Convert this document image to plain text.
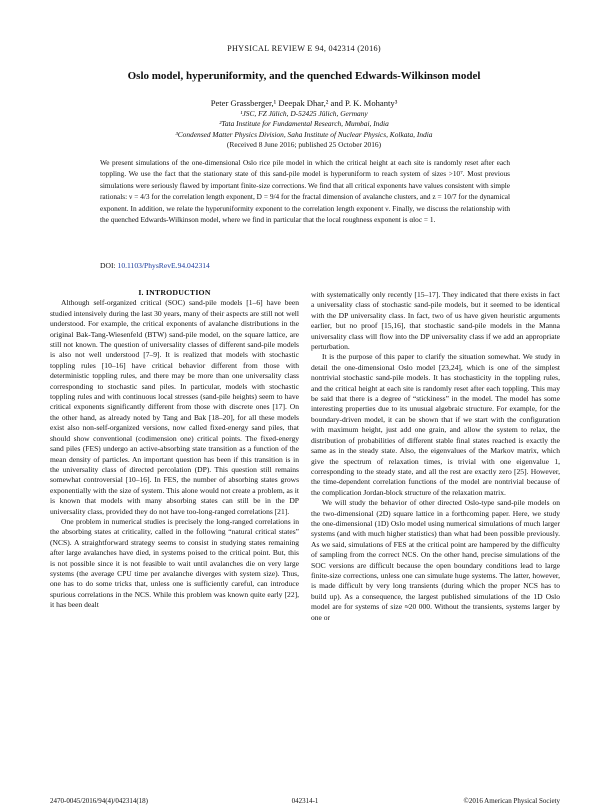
PHYSICAL REVIEW E 94, 042314 (2016)
Oslo model, hyperuniformity, and the quenched Edwards-Wilkinson model
Peter Grassberger,¹ Deepak Dhar,² and P. K. Mohanty³
¹JSC, FZ Jülich, D-52425 Jülich, Germany
²Tata Institute for Fundamental Research, Mumbai, India
³Condensed Matter Physics Division, Saha Institute of Nuclear Physics, Kolkata, India
(Received 8 June 2016; published 25 October 2016)
We present simulations of the one-dimensional Oslo rice pile model in which the critical height at each site is randomly reset after each toppling. We use the fact that the stationary state of this sand-pile model is hyperuniform to reach system of sizes >10⁷. Most previous simulations were seriously flawed by important finite-size corrections. We find that all critical exponents have values consistent with simple rationals: ν = 4/3 for the correlation length exponent, D = 9/4 for the fractal dimension of avalanche clusters, and z = 10/7 for the dynamical exponent. In addition, we relate the hyperuniformity exponent to the correlation length exponent ν. Finally, we discuss the relationship with the quenched Edwards-Wilkinson model, where we find in particular that the local roughness exponent is αloc = 1.
DOI: 10.1103/PhysRevE.94.042314

I. INTRODUCTION

Although self-organized critical (SOC) sand-pile models [1–6] have been studied intensively during the last 30 years, many of their aspects are still not well understood. For example, the critical exponents of avalanche distributions in the original Bak-Tang-Wiesenfeld (BTW) sand-pile model, on the square lattice, are still not known. The question of universality classes of different sand-pile models is also not well understood [7–9]. It is realized that models with stochastic toppling rules [10–16] have critical behavior different from those with deterministic toppling rules, and there may be more than one universality class corresponding to stochastic sand piles. In particular, models with stochastic toppling rules and with continuous local stresses (sand-pile heights) seem to have critical exponents significantly different from those with discrete ones [17]. On the other hand, as already noted by Tang and Bak [18–20], for all these models exist also non-self-organized versions, now called fixed-energy sand piles, that should show conventional (codimension one) critical points. The fixed-energy sand piles (FES) undergo an active-absorbing state transition as a function of the mean density of particles. An important question has been if this transition is in the universality class of directed percolation (DP). This question still remains somewhat controversial [10–16]. In FES, the number of absorbing states grows exponentially with the size of system. This alone would not create a problem, as it is known that models with many absorbing states can still be in the DP universality class, provided they do not have too-long-ranged correlations [21].

One problem in numerical studies is precisely the long-ranged correlations in the absorbing states at criticality, called in the following “natural critical states” (NCS). A straightforward strategy seems to consist in studying states remaining after large avalanches have died, in systems poised to the critical point. But, this is not possible since it is not feasible to wait until avalanches die on very large systems (the average CPU time per avalanche diverges with system size). Thus, one has to do some tricks that, unless one is sufficiently careful, can introduce spurious correlations in the NCS. While this problem was known quite early [22], it has been dealt

with systematically only recently [15–17]. They indicated that there exists in fact a universality class of stochastic sand-pile models, but it seemed to be identical with the DP universality class. In fact, two of us have given heuristic arguments earlier, but no proof [15,16], that stochastic sand-pile models in the Manna universality class will flow into the DP universality class if we add an appropriate perturbation.

It is the purpose of this paper to clarify the situation somewhat. We study in detail the one-dimensional Oslo model [23,24], which is one of the simplest nontrivial stochastic sand-pile models. It has stochasticity in the toppling rules, and the critical height at each site is randomly reset after each toppling. This may be said that there is a degree of “stickiness” in the model. The model has some interesting properties due to its unusual algebraic structure. For example, for the boundary-driven model, it can be shown that if we start with the configuration with maximum height, just add one grain, and allow the system to relax, the distribution of probabilities of different stable final states reached is exactly the same as in the steady state. Also, the eigenvalues of the Markov matrix, which give the spectrum of relaxation times, is trivial with one eigenvalue 1, corresponding to the steady state, and all the rest are exactly zero [25]. However, the time-dependent correlation functions of the model are nontrivial because of the complication Jordan-block structure of the relaxation matrix.

We will study the behavior of other directed Oslo-type sand-pile models on the two-dimensional (2D) square lattice in a forthcoming paper. Here, we study the one-dimensional (1D) Oslo model using numerical simulations of much larger systems (and with much higher statistics) than what had been possible previously. As we said, simulations of FES at the critical point are hampered by the difficulty of sampling from the correct NCS. On the other hand, precise simulations of the SOC versions are difficult because the open boundary conditions lead to large finite-size corrections, unless one can simulate huge systems. The latter, however, is made difficult by very long transients (during which the proper NCS has to build up). As a consequence, the largest published simulations of the 1D Oslo model are for systems of size ≈20 000. Without the transients, systems larger by one or

2470-0045/2016/94(4)/042314(18)	042314-1	©2016 American Physical Society
